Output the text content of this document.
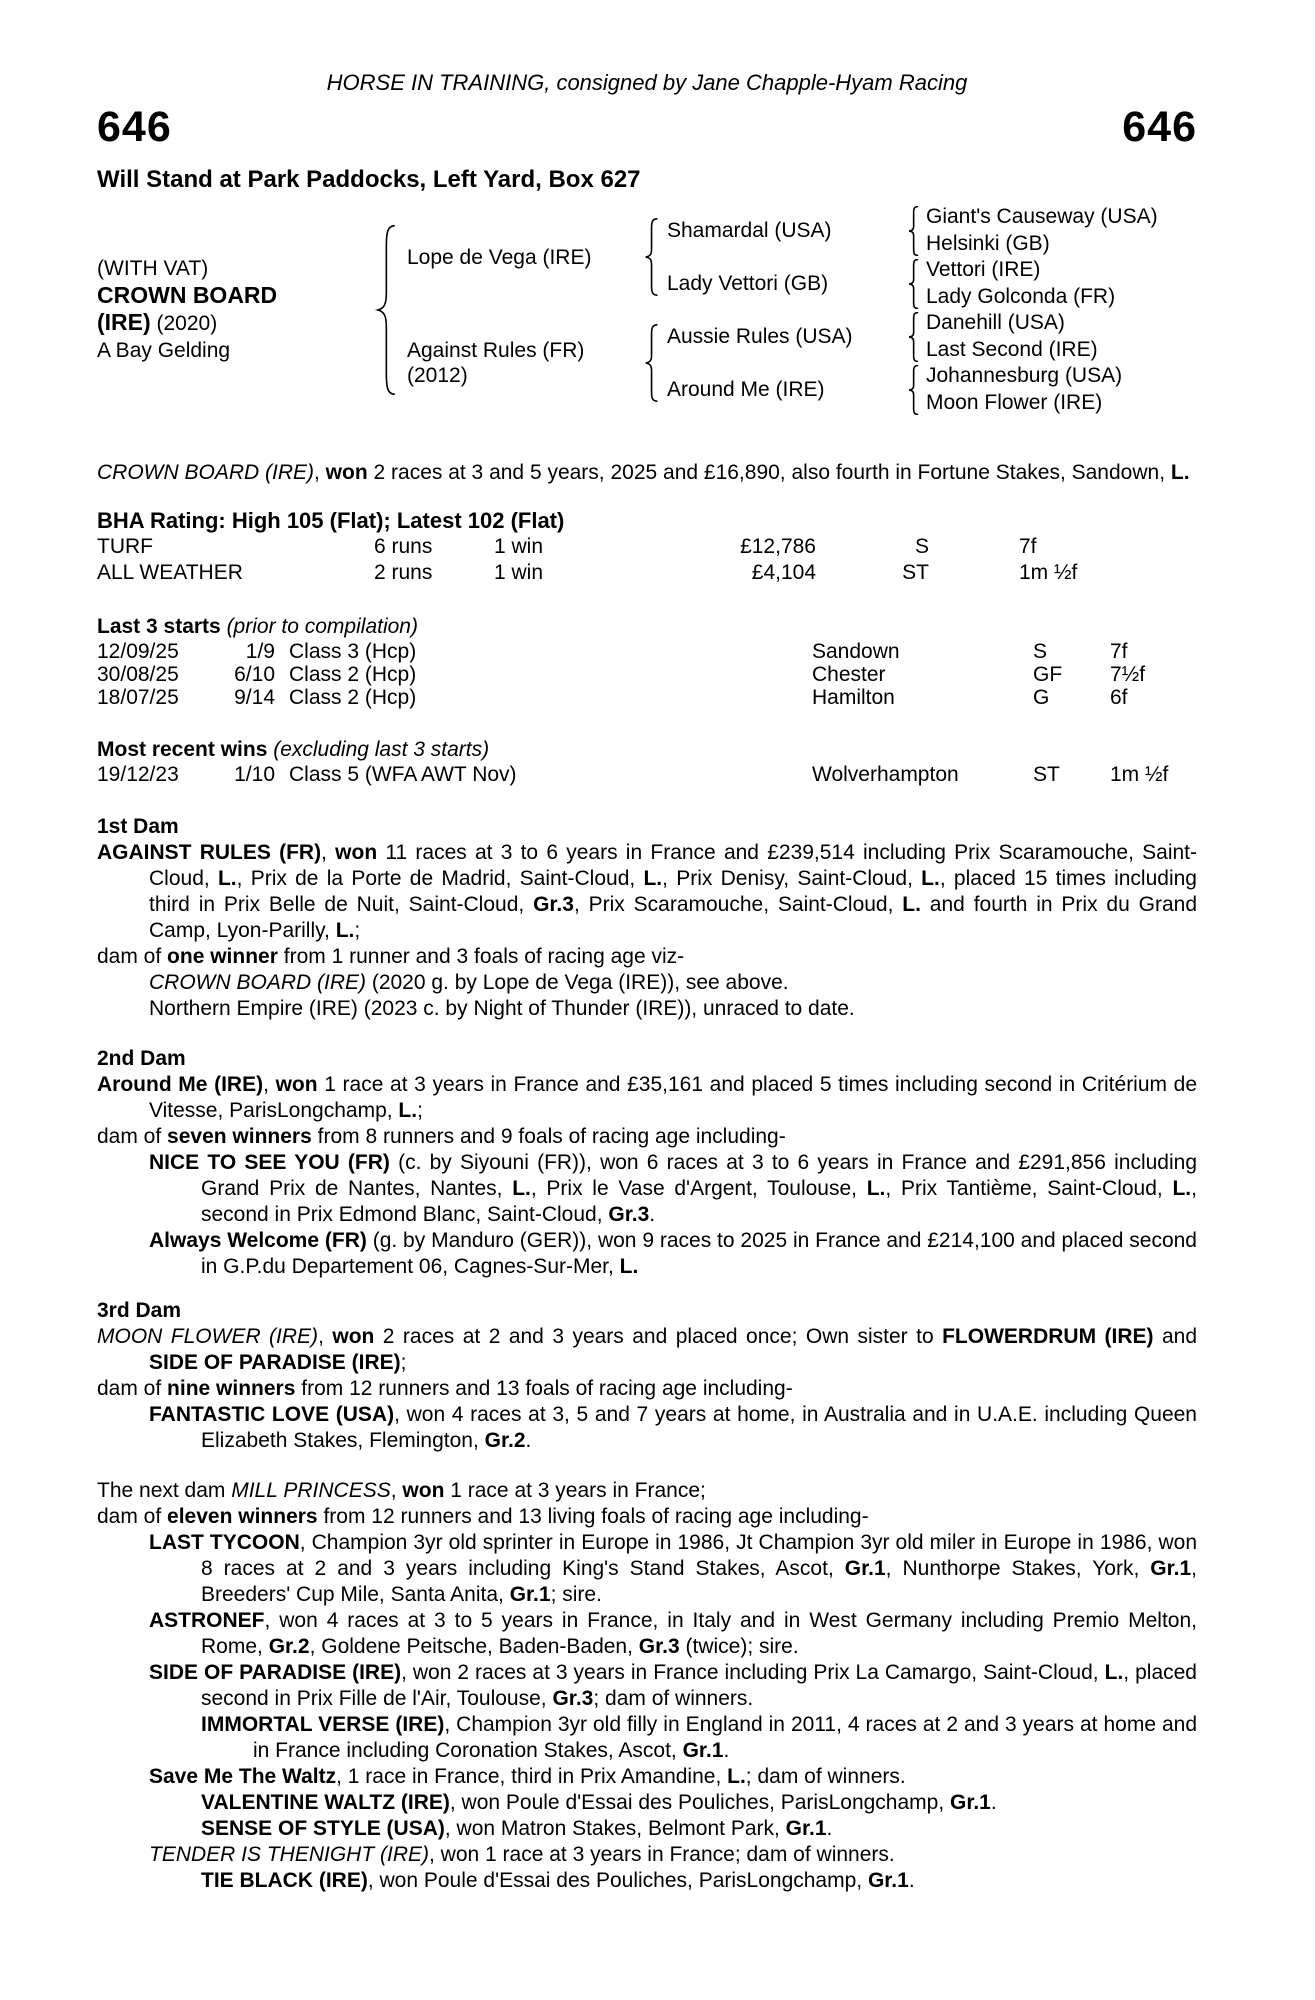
HORSE IN TRAINING, consigned by Jane Chapple-Hyam Racing
646	646
Will Stand at Park Paddocks, Left Yard, Box 627
(WITH VAT)
CROWN BOARD
(IRE) (2020)
A Bay Gelding
Lope de Vega (IRE)
Against Rules (FR)
(2012)
Shamardal (USA)
Lady Vettori (GB)
Aussie Rules (USA)
Around Me (IRE)
Giant's Causeway (USA)
Helsinki (GB)
Vettori (IRE)
Lady Golconda (FR)
Danehill (USA)
Last Second (IRE)
Johannesburg (USA)
Moon Flower (IRE)

CROWN BOARD (IRE), won 2 races at 3 and 5 years, 2025 and £16,890, also fourth in Fortune Stakes, Sandown, L.

BHA Rating: High 105 (Flat); Latest 102 (Flat)
TURF	6 runs	1 win	£12,786	S	7f
ALL WEATHER	2 runs	1 win	£4,104	ST	1m ½f
Last 3 starts (prior to compilation)
12/09/25	1/9 Class 3 (Hcp)	Sandown	S	7f
30/08/25	6/10 Class 2 (Hcp)	Chester	GF	7½f
18/07/25	9/14 Class 2 (Hcp)	Hamilton	G	6f
Most recent wins (excluding last 3 starts)
19/12/23	1/10 Class 5 (WFA AWT Nov)	Wolverhampton	ST	1m ½f

1st Dam

AGAINST RULES (FR), won 11 races at 3 to 6 years in France and £239,514 including Prix Scaramouche, Saint-Cloud, L., Prix de la Porte de Madrid, Saint-Cloud, L., Prix Denisy, Saint-Cloud, L., placed 15 times including third in Prix Belle de Nuit, Saint-Cloud, Gr.3, Prix Scaramouche, Saint-Cloud, L. and fourth in Prix du Grand Camp, Lyon-Parilly, L.;

dam of one winner from 1 runner and 3 foals of racing age viz-

CROWN BOARD (IRE) (2020 g. by Lope de Vega (IRE)), see above.

Northern Empire (IRE) (2023 c. by Night of Thunder (IRE)), unraced to date.

2nd Dam

Around Me (IRE), won 1 race at 3 years in France and £35,161 and placed 5 times including second in Critérium de Vitesse, ParisLongchamp, L.;

dam of seven winners from 8 runners and 9 foals of racing age including-

NICE TO SEE YOU (FR) (c. by Siyouni (FR)), won 6 races at 3 to 6 years in France and £291,856 including Grand Prix de Nantes, Nantes, L., Prix le Vase d'Argent, Toulouse, L., Prix Tantième, Saint-Cloud, L., second in Prix Edmond Blanc, Saint-Cloud, Gr.3.

Always Welcome (FR) (g. by Manduro (GER)), won 9 races to 2025 in France and £214,100 and placed second in G.P.du Departement 06, Cagnes-Sur-Mer, L.

3rd Dam

MOON FLOWER (IRE), won 2 races at 2 and 3 years and placed once; Own sister to FLOWERDRUM (IRE) and SIDE OF PARADISE (IRE);

dam of nine winners from 12 runners and 13 foals of racing age including-

FANTASTIC LOVE (USA), won 4 races at 3, 5 and 7 years at home, in Australia and in U.A.E. including Queen Elizabeth Stakes, Flemington, Gr.2.

The next dam MILL PRINCESS, won 1 race at 3 years in France;

dam of eleven winners from 12 runners and 13 living foals of racing age including-

LAST TYCOON, Champion 3yr old sprinter in Europe in 1986, Jt Champion 3yr old miler in Europe in 1986, won 8 races at 2 and 3 years including King's Stand Stakes, Ascot, Gr.1, Nunthorpe Stakes, York, Gr.1, Breeders' Cup Mile, Santa Anita, Gr.1; sire.

ASTRONEF, won 4 races at 3 to 5 years in France, in Italy and in West Germany including Premio Melton, Rome, Gr.2, Goldene Peitsche, Baden-Baden, Gr.3 (twice); sire.

SIDE OF PARADISE (IRE), won 2 races at 3 years in France including Prix La Camargo, Saint-Cloud, L., placed second in Prix Fille de l'Air, Toulouse, Gr.3; dam of winners.

IMMORTAL VERSE (IRE), Champion 3yr old filly in England in 2011, 4 races at 2 and 3 years at home and in France including Coronation Stakes, Ascot, Gr.1.

Save Me The Waltz, 1 race in France, third in Prix Amandine, L.; dam of winners.

VALENTINE WALTZ (IRE), won Poule d'Essai des Pouliches, ParisLongchamp, Gr.1.

SENSE OF STYLE (USA), won Matron Stakes, Belmont Park, Gr.1.

TENDER IS THENIGHT (IRE), won 1 race at 3 years in France; dam of winners.

TIE BLACK (IRE), won Poule d'Essai des Pouliches, ParisLongchamp, Gr.1.
